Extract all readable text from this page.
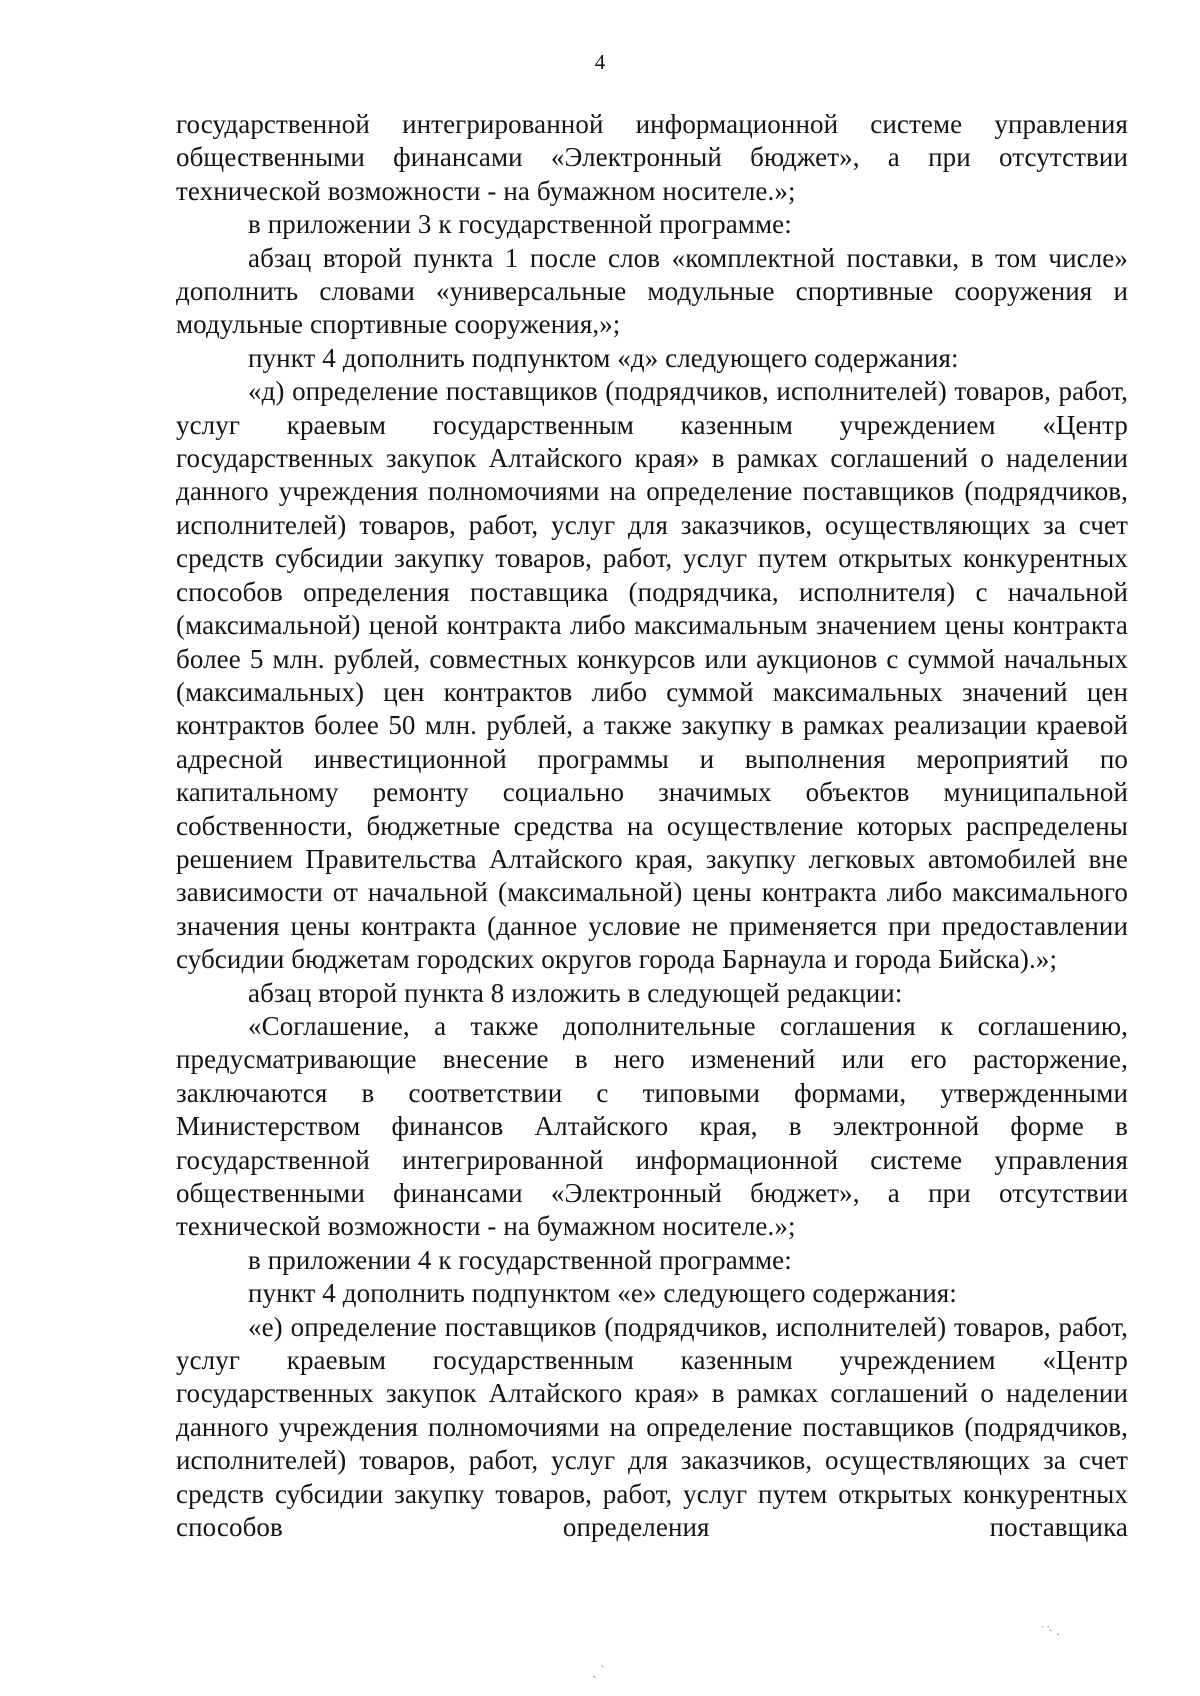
4

государственной интегрированной информационной системе управления общественными финансами «Электронный бюджет», а при отсутствии технической возможности - на бумажном носителе.»;

в приложении 3 к государственной программе:

абзац второй пункта 1 после слов «комплектной поставки, в том числе» дополнить словами «универсальные модульные спортивные сооружения и модульные спортивные сооружения,»;

пункт 4 дополнить подпунктом «д» следующего содержания:

«д) определение поставщиков (подрядчиков, исполнителей) товаров, работ, услуг краевым государственным казенным учреждением «Центр государственных закупок Алтайского края» в рамках соглашений о наделении данного учреждения полномочиями на определение поставщиков (подрядчиков, исполнителей) товаров, работ, услуг для заказчиков, осуществляющих за счет средств субсидии закупку товаров, работ, услуг путем открытых конкурентных способов определения поставщика (подрядчика, исполнителя) с начальной (максимальной) ценой контракта либо максимальным значением цены контракта более 5 млн. рублей, совместных конкурсов или аукционов с суммой начальных (максимальных) цен контрактов либо суммой максимальных значений цен контрактов более 50 млн. рублей, а также закупку в рамках реализации краевой адресной инвестиционной программы и выполнения мероприятий по капитальному ремонту социально значимых объектов муниципальной собственности, бюджетные средства на осуществление которых распределены решением Правительства Алтайского края, закупку легковых автомобилей вне зависимости от начальной (максимальной) цены контракта либо максимального значения цены контракта (данное условие не применяется при предоставлении субсидии бюджетам городских округов города Барнаула и города Бийска).»;

абзац второй пункта 8 изложить в следующей редакции:

«Соглашение, а также дополнительные соглашения к соглашению, предусматривающие внесение в него изменений или его расторжение, заключаются в соответствии с типовыми формами, утвержденными Министерством финансов Алтайского края, в электронной форме в государственной интегрированной информационной системе управления общественными финансами «Электронный бюджет», а при отсутствии технической возможности - на бумажном носителе.»;

в приложении 4 к государственной программе:

пункт 4 дополнить подпунктом «е» следующего содержания:

«е) определение поставщиков (подрядчиков, исполнителей) товаров, работ, услуг краевым государственным казенным учреждением «Центр государственных закупок Алтайского края» в рамках соглашений о наделении данного учреждения полномочиями на определение поставщиков (подрядчиков, исполнителей) товаров, работ, услуг для заказчиков, осуществляющих за счет средств субсидии закупку товаров, работ, услуг путем открытых конкурентных способов определения поставщика

˙ ̇· .
ˎ ˋ
